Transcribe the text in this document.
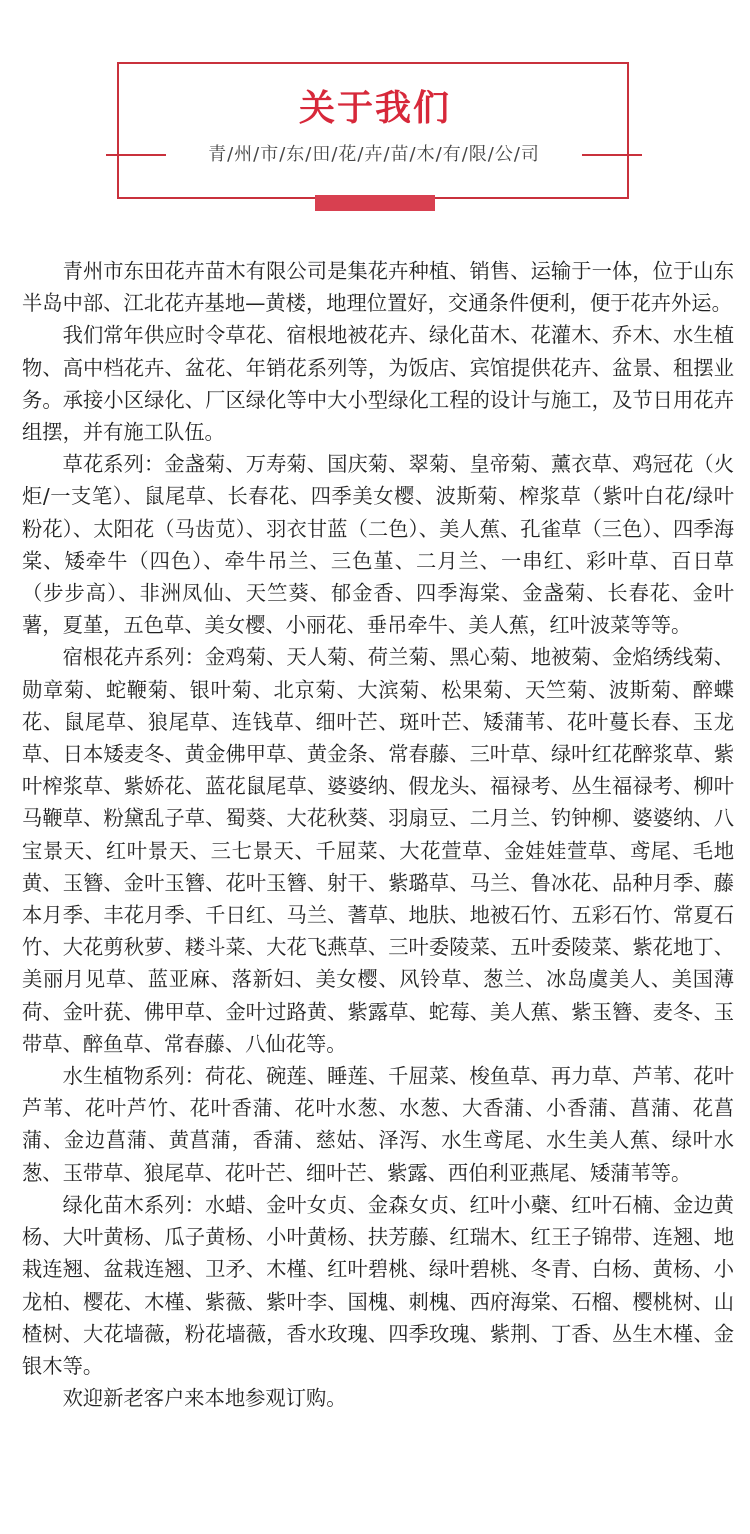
关于我们
青/州/市/东/田/花/卉/苗/木/有/限/公/司

青州市东田花卉苗木有限公司是集花卉种植、销售、运输于一体，位于山东半岛中部、江北花卉基地—黄楼，地理位置好，交通条件便利，便于花卉外运。

我们常年供应时令草花、宿根地被花卉、绿化苗木、花灌木、乔木、水生植物、高中档花卉、盆花、年销花系列等，为饭店、宾馆提供花卉、盆景、租摆业务。承接小区绿化、厂区绿化等中大小型绿化工程的设计与施工，及节日用花卉组摆，并有施工队伍。

草花系列：金盏菊、万寿菊、国庆菊、翠菊、皇帝菊、薰衣草、鸡冠花（火炬/一支笔）、鼠尾草、长春花、四季美女樱、波斯菊、榨浆草（紫叶白花/绿叶粉花）、太阳花（马齿苋）、羽衣甘蓝（二色）、美人蕉、孔雀草（三色）、四季海棠、矮牵牛（四色）、牵牛吊兰、三色堇、二月兰、一串红、彩叶草、百日草（步步高）、非洲凤仙、天竺葵、郁金香、四季海棠、金盏菊、长春花、金叶薯，夏堇，五色草、美女樱、小丽花、垂吊牵牛、美人蕉，红叶波菜等等。

宿根花卉系列：金鸡菊、天人菊、荷兰菊、黑心菊、地被菊、金焰绣线菊、勋章菊、蛇鞭菊、银叶菊、北京菊、大滨菊、松果菊、天竺菊、波斯菊、醉蝶花、鼠尾草、狼尾草、连钱草、细叶芒、斑叶芒、矮蒲苇、花叶蔓长春、玉龙草、日本矮麦冬、黄金佛甲草、黄金条、常春藤、三叶草、绿叶红花醉浆草、紫叶榨浆草、紫娇花、蓝花鼠尾草、婆婆纳、假龙头、福禄考、丛生福禄考、柳叶马鞭草、粉黛乱子草、蜀葵、大花秋葵、羽扇豆、二月兰、钓钟柳、婆婆纳、八宝景天、红叶景天、三七景天、千屈菜、大花萱草、金娃娃萱草、鸢尾、毛地黄、玉簪、金叶玉簪、花叶玉簪、射干、紫璐草、马兰、鲁冰花、品种月季、藤本月季、丰花月季、千日红、马兰、蓍草、地肤、地被石竹、五彩石竹、常夏石竹、大花剪秋萝、耧斗菜、大花飞燕草、三叶委陵菜、五叶委陵菜、紫花地丁、美丽月见草、蓝亚麻、落新妇、美女樱、风铃草、葱兰、冰岛虞美人、美国薄荷、金叶莸、佛甲草、金叶过路黄、紫露草、蛇莓、美人蕉、紫玉簪、麦冬、玉带草、醉鱼草、常春藤、八仙花等。

水生植物系列：荷花、碗莲、睡莲、千屈菜、梭鱼草、再力草、芦苇、花叶芦苇、花叶芦竹、花叶香蒲、花叶水葱、水葱、大香蒲、小香蒲、菖蒲、花菖蒲、金边菖蒲、黄菖蒲，香蒲、慈姑、泽泻、水生鸢尾、水生美人蕉、绿叶水葱、玉带草、狼尾草、花叶芒、细叶芒、紫露、西伯利亚燕尾、矮蒲苇等。

绿化苗木系列：水蜡、金叶女贞、金森女贞、红叶小蘗、红叶石楠、金边黄杨、大叶黄杨、瓜子黄杨、小叶黄杨、扶芳藤、红瑞木、红王子锦带、连翘、地栽连翘、盆栽连翘、卫矛、木槿、红叶碧桃、绿叶碧桃、冬青、白杨、黄杨、小龙柏、樱花、木槿、紫薇、紫叶李、国槐、刺槐、西府海棠、石榴、樱桃树、山楂树、大花墙薇，粉花墙薇，香水玫瑰、四季玫瑰、紫荆、丁香、丛生木槿、金银木等。

欢迎新老客户来本地参观订购。
